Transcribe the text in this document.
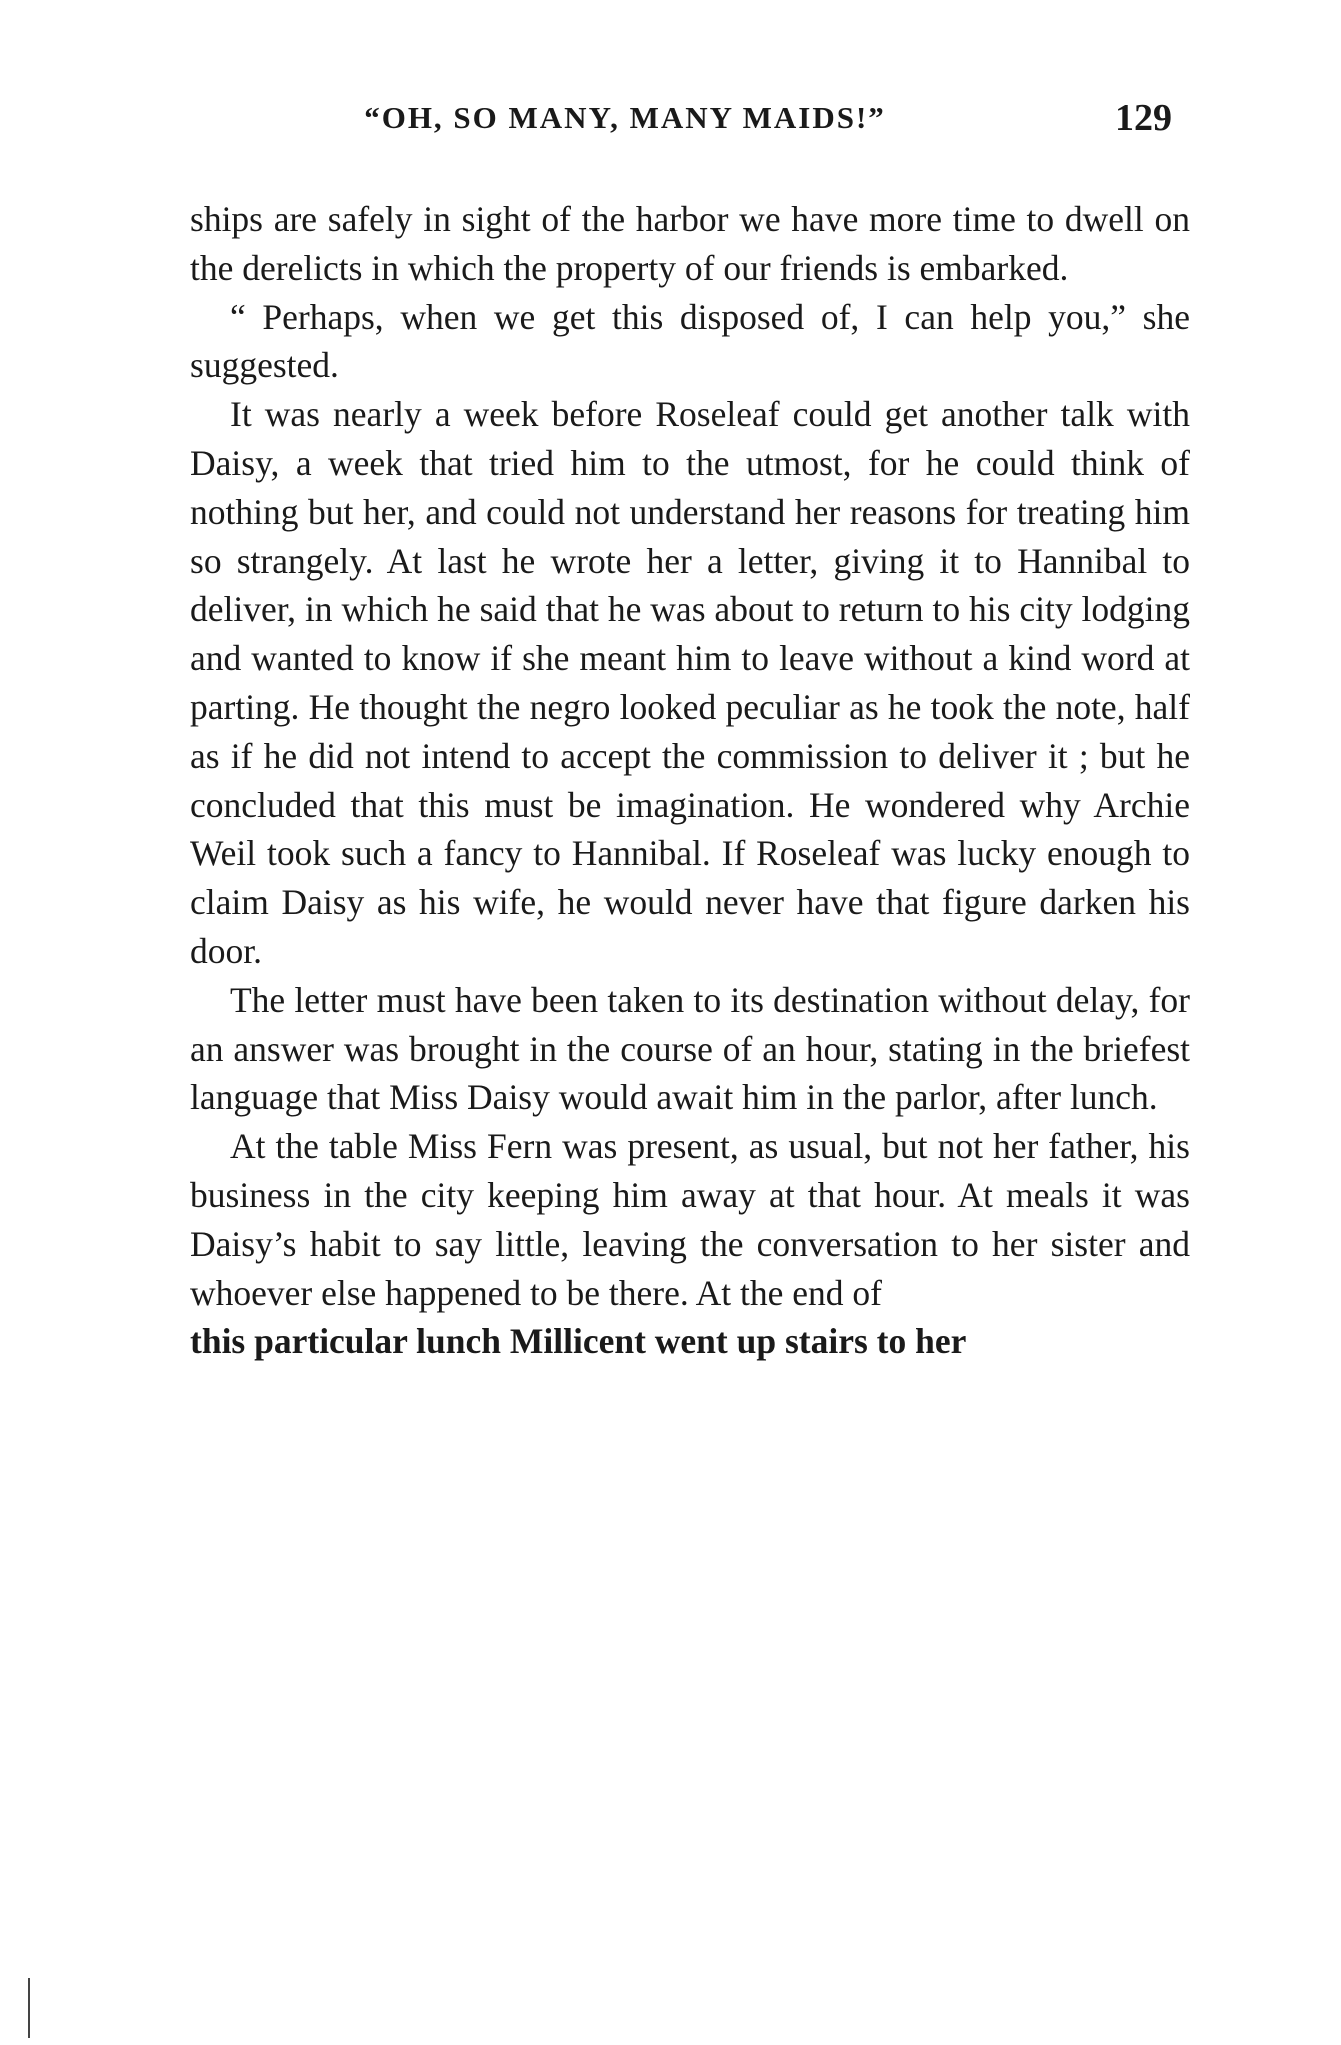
“OH, SO MANY, MANY MAIDS!”	129

ships are safely in sight of the harbor we have more time to dwell on the derelicts in which the property of our friends is embarked.

“ Perhaps, when we get this disposed of, I can help you,” she suggested.

It was nearly a week before Roseleaf could get another talk with Daisy, a week that tried him to the utmost, for he could think of nothing but her, and could not understand her reasons for treating him so strangely. At last he wrote her a letter, giving it to Hannibal to deliver, in which he said that he was about to return to his city lodging and wanted to know if she meant him to leave without a kind word at parting. He thought the negro looked peculiar as he took the note, half as if he did not intend to accept the commission to deliver it ; but he concluded that this must be imagination. He wondered why Archie Weil took such a fancy to Hannibal. If Roseleaf was lucky enough to claim Daisy as his wife, he would never have that figure darken his door.

The letter must have been taken to its destination without delay, for an answer was brought in the course of an hour, stating in the briefest language that Miss Daisy would await him in the parlor, after lunch.

At the table Miss Fern was present, as usual, but not her father, his business in the city keeping him away at that hour. At meals it was Daisy’s habit to say little, leaving the conversation to her sister and whoever else happened to be there. At the end of

this particular lunch Millicent went up stairs to her
